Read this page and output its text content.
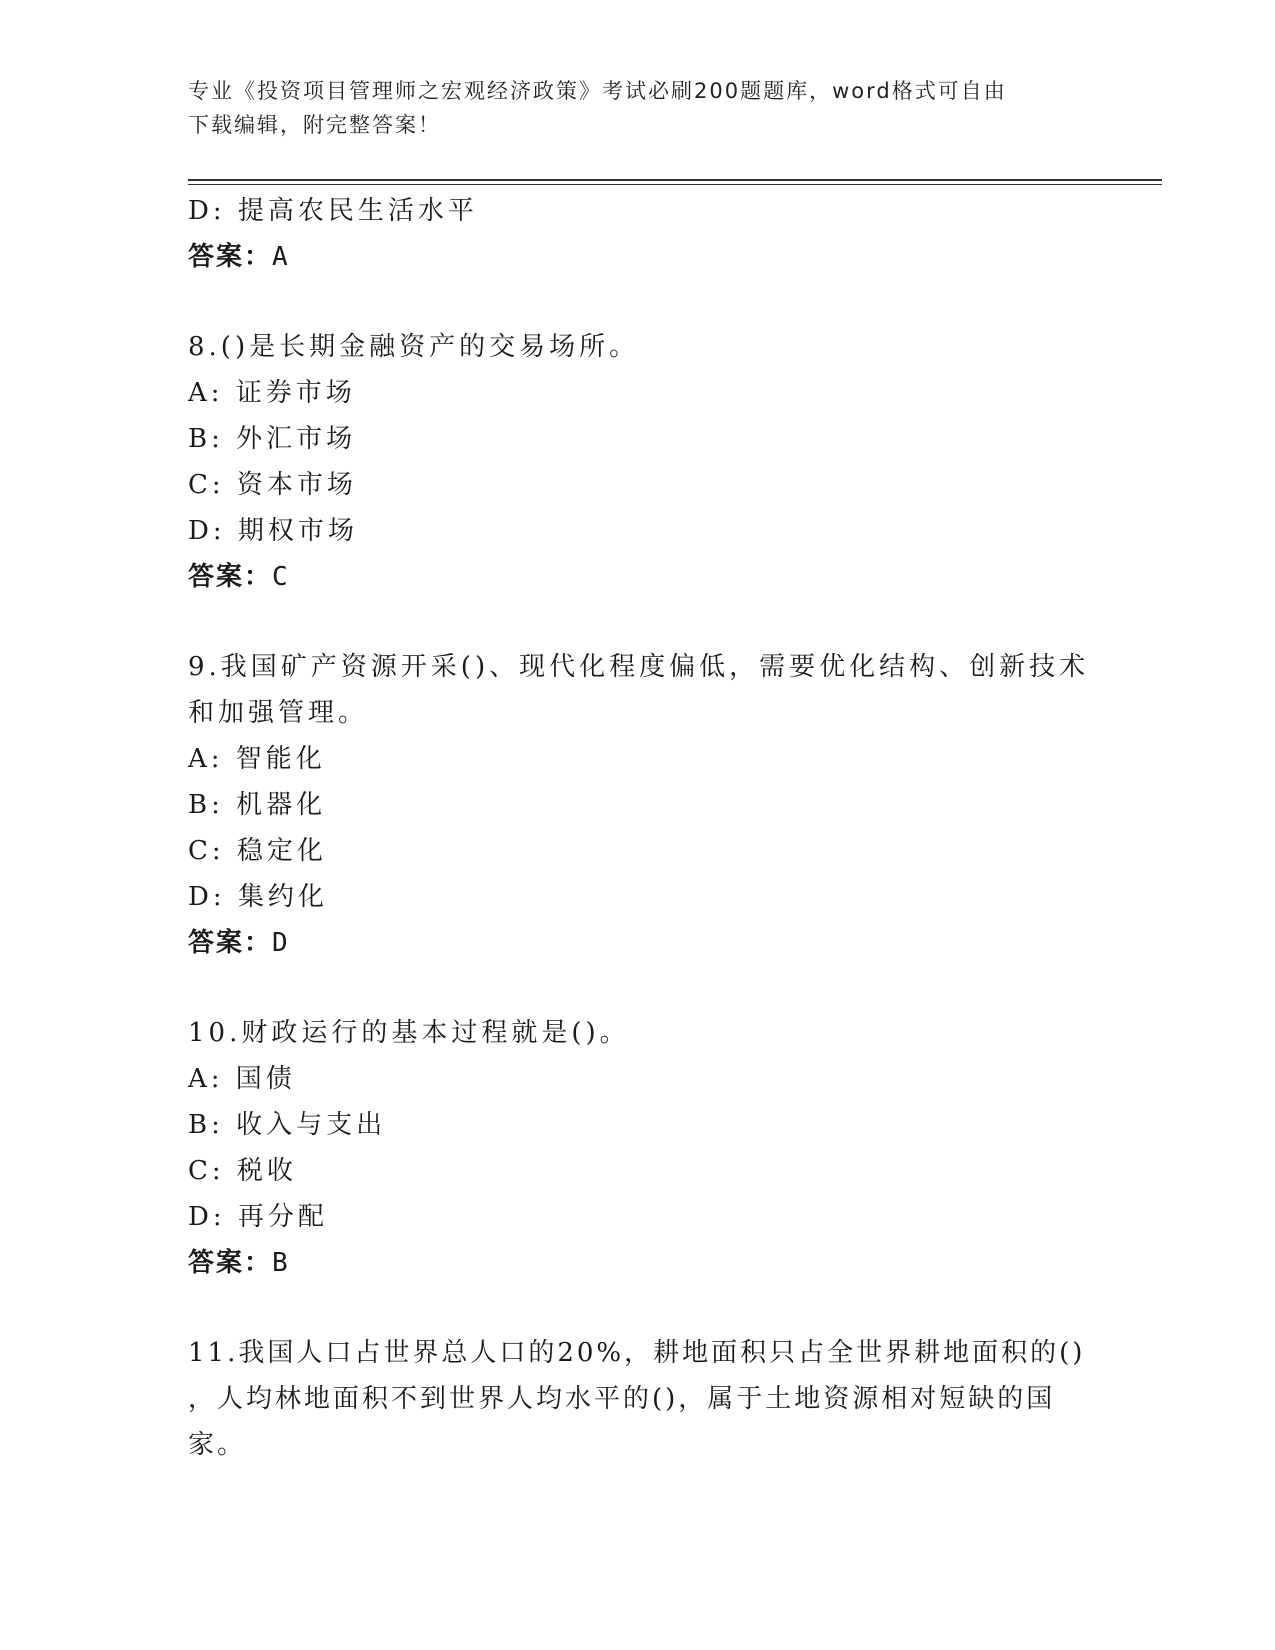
专业《投资项目管理师之宏观经济政策》考试必刷200题题库，word格式可自由
下载编辑，附完整答案！
D: 提高农民生活水平
答案：A
8.()是长期金融资产的交易场所。
A: 证券市场
B: 外汇市场
C: 资本市场
D: 期权市场
答案：C
9.我国矿产资源开采()、现代化程度偏低，需要优化结构、创新技术
和加强管理。
A: 智能化
B: 机器化
C: 稳定化
D: 集约化
答案：D
10.财政运行的基本过程就是()。
A: 国债
B: 收入与支出
C: 税收
D: 再分配
答案：B
11.我国人口占世界总人口的20%，耕地面积只占全世界耕地面积的()
，人均林地面积不到世界人均水平的()，属于土地资源相对短缺的国
家。
